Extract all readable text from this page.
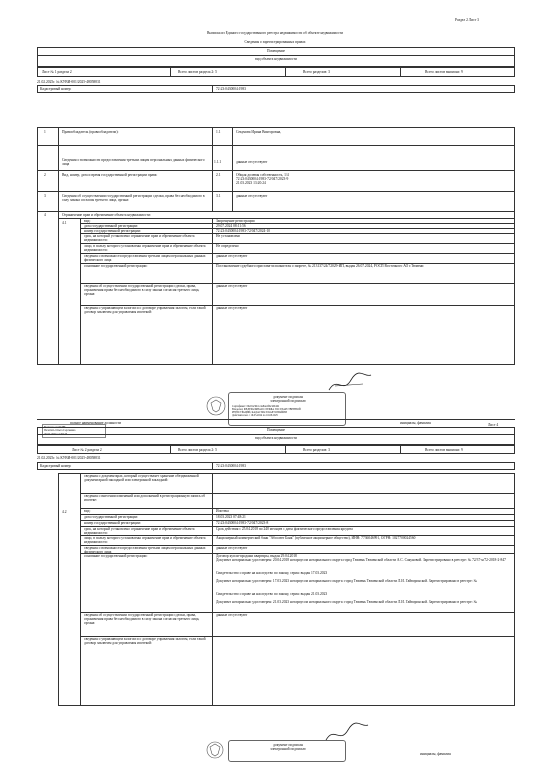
Раздел 2 Лист 3
Выписка из Единого государственного реестра недвижимости об объекте недвижимости
Сведения о зарегистрированных правах
Помещение
вид объекта недвижимости
Лист № 1 раздела 2	Всего листов раздела 2: 5	Всего разделов: 3	Всего листов выписки: 9
21.02.2025г. № КУВИ-001/2025-48058831
Кадастровый номер:	72:23:0430004:1983
1	Правообладатель (правообладатели):	1.1	Секунова Ирина Викторовна,
Сведения о возможности предоставления третьим лицам персональных данных физического лица
1.1.1	данные отсутствуют
2	Вид, номер, дата и время государственной регистрации права:	2.1	Общая долевая собственность, 1/4
72:23:0430004:1983-72/047/2023-9
21.03.2023 13:20:24
3	Сведения об осуществлении государственной регистрации сделки, права без необходимого в силу закона согласия третьего лица, органа:
3.1	данные отсутствуют
4	Ограничение прав и обременение объекта недвижимости:
4.1	вид:	Запрещение регистрации
дата государственной регистрации:	29.07.2024 08:11:56
номер государственной регистрации:	72:23:0430004:1983-72/047/2024-10
срок, на который установлено ограничение прав и обременение объекта недвижимости:
Не установлено
лицо, в пользу которого установлены ограничение прав и обременение объекта недвижимости:
Не определено
сведения о возможности предоставления третьим лицам персональных данных физического лица
данные отсутствуют
основание государственной регистрации:	Постановление судебного пристава-исполнителя о запрете, № 213137/24/72029-ИП, выдан 26.07.2024, РОСП Восточного АО г.Тюмени
сведения об осуществлении государственной регистрации сделки, права, ограничения права без необходимого в силу закона согласия третьего лица, органа:
данные отсутствуют
сведения о управляющем залогом и о договоре управления залогом, если такой договор заключен для управления ипотекой:
данные отсутствуют
документ подписан
электронной подписью
Сертификат: 00e81a3bb1c4e84e2f0a3d0d4b
Владелец: ФЕДЕРАЛЬНАЯ СЛУЖБА ГОСУДАРСТВЕННОЙ
РЕГИСТРАЦИИ, КАДАСТРА И КАРТОГРАФИИ
Действителен: с 16.05.2024 по 16.08.2025
полное наименование должности	инициалы, фамилия
Выписка из ЕГРН
Печатать Ольга Сергеевна
26.02.2025 11:50:26
Лист 4
Помещение
вид объекта недвижимости
Лист № 2 раздела 2	Всего листов раздела 2: 5	Всего разделов: 3	Всего листов выписки: 9
21.02.2025г. № КУВИ-001/2025-48058831
Кадастровый номер:	72:23:0430004:1983
4.2
сведения о документарах, который осуществляет хранение обездвиженной документарной закладной или электронной закладной:
сведения о внесении изменений или дополнений в регистрационную запись об ипотеке:
вид:	Ипотека
дата государственной регистрации:	18.03.2023 07:48:21
номер государственной регистрации:	72:23:0430004:1983-72/047/2023-8
срок, на который установлено ограничение прав и обременение объекта недвижимости:
Срок действия с 25.04.2018 по 240 месяцев с даты фактического предоставления кредита
лицо, в пользу которого установлены ограничение прав и обременение объекта недвижимости:
Акционерный коммерческий банк "Абсолют Банк" (публичное акционерное общество), ИНН: 7736046991, ОГРН: 1027700024560
сведения о возможности предоставления третьим лицам персональных данных физического лица
данные отсутствуют
основание государственной регистрации:	Договор купли-продажи квартиры, выдан 29.04.2018
Документ нотариально удостоверен: 20.04.2018 нотариусом нотариального округа город Тюмень Тюменской области А.С. Сакуновой. Зарегистрировано в реестре: № 72/37-н/72-2018-2-847
Свидетельство о праве на наследство по закону, серия: выдан 17.03.2023
Документ нотариально удостоверен: 17.03.2023 нотариусом нотариального округа: город Тюмень Тюменской области Л.И. Гайворонской. Зарегистрировано в реестре: №
Свидетельство о праве на наследство по закону, серия: выдан 21.03.2023
Документ нотариально удостоверен: 21.03.2023 нотариусом нотариального округа: город Тюмень Тюменской области Л.И. Гайворонской. Зарегистрировано в реестре: №
сведения об осуществлении государственной регистрации сделки, права, ограничения права без необходимого в силу закона согласия третьего лица, органа:
данные отсутствуют
сведения о управляющем залогом и о договоре управления залогом, если такой договор заключен для управления ипотекой:
документ подписан
электронной подписью
инициалы, фамилия
